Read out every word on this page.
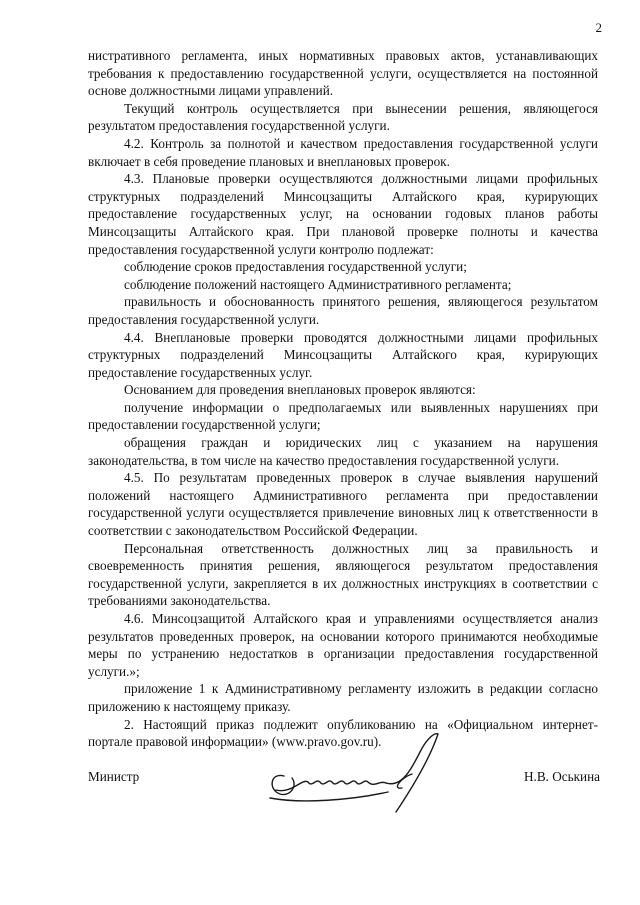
2

нистративного регламента, иных нормативных правовых актов, устанавливающих требования к предоставлению государственной услуги, осуществляется на постоянной основе должностными лицами управлений.

Текущий контроль осуществляется при вынесении решения, являющегося результатом предоставления государственной услуги.

4.2. Контроль за полнотой и качеством предоставления государственной услуги включает в себя проведение плановых и внеплановых проверок.

4.3. Плановые проверки осуществляются должностными лицами профильных структурных подразделений Минсоцзащиты Алтайского края, курирующих предоставление государственных услуг, на основании годовых планов работы Минсоцзащиты Алтайского края. При плановой проверке полноты и качества предоставления государственной услуги контролю подлежат:

соблюдение сроков предоставления государственной услуги;

соблюдение положений настоящего Административного регламента;

правильность и обоснованность принятого решения, являющегося результатом предоставления государственной услуги.

4.4. Внеплановые проверки проводятся должностными лицами профильных структурных подразделений Минсоцзащиты Алтайского края, курирующих предоставление государственных услуг.

Основанием для проведения внеплановых проверок являются:

получение информации о предполагаемых или выявленных нарушениях при предоставлении государственной услуги;

обращения граждан и юридических лиц с указанием на нарушения законодательства, в том числе на качество предоставления государственной услуги.

4.5. По результатам проведенных проверок в случае выявления нарушений положений настоящего Административного регламента при предоставлении государственной услуги осуществляется привлечение виновных лиц к ответственности в соответствии с законодательством Российской Федерации.

Персональная ответственность должностных лиц за правильность и своевременность принятия решения, являющегося результатом предоставления государственной услуги, закрепляется в их должностных инструкциях в соответствии с требованиями законодательства.

4.6. Минсоцзащитой Алтайского края и управлениями осуществляется анализ результатов проведенных проверок, на основании которого принимаются необходимые меры по устранению недостатков в организации предоставления государственной услуги.»;

приложение 1 к Административному регламенту изложить в редакции согласно приложению к настоящему приказу.

2. Настоящий приказ подлежит опубликованию на «Официальном интернет-портале правовой информации» (www.pravo.gov.ru).

Министр	Н.В. Оськина
